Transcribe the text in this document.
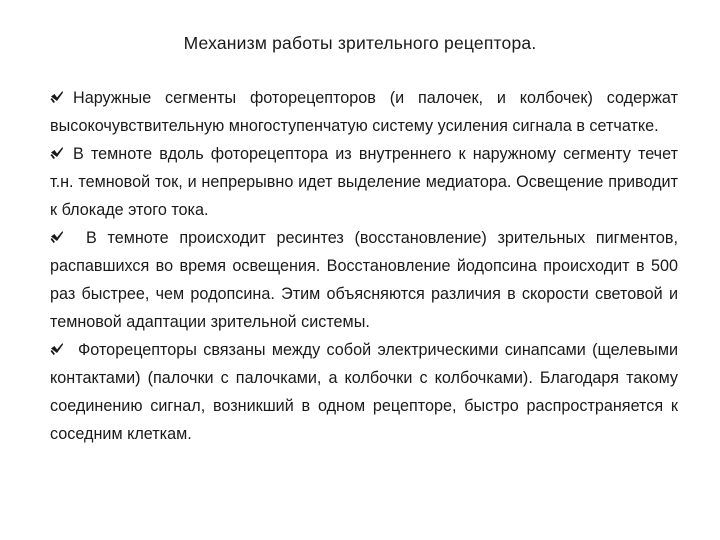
Механизм работы зрительного рецептора.

Наружные сегменты фоторецепторов (и палочек, и колбочек) содержат высокочувствительную многоступенчатую систему усиления сигнала в сетчатке.

В темноте вдоль фоторецептора из внутреннего к наружному сегменту течет т.н. темновой ток, и непрерывно идет выделение медиатора. Освещение приводит к блокаде этого тока.

В темноте происходит ресинтез (восстановление) зрительных пигментов, распавшихся во время освещения. Восстановление йодопсина происходит в 500 раз быстрее, чем родопсина. Этим объясняются различия в скорости световой и темновой адаптации зрительной системы.

Фоторецепторы связаны между собой электрическими синапсами (щелевыми контактами) (палочки с палочками, а колбочки с колбочками). Благодаря такому соединению сигнал, возникший в одном рецепторе, быстро распространяется к соседним клеткам.
